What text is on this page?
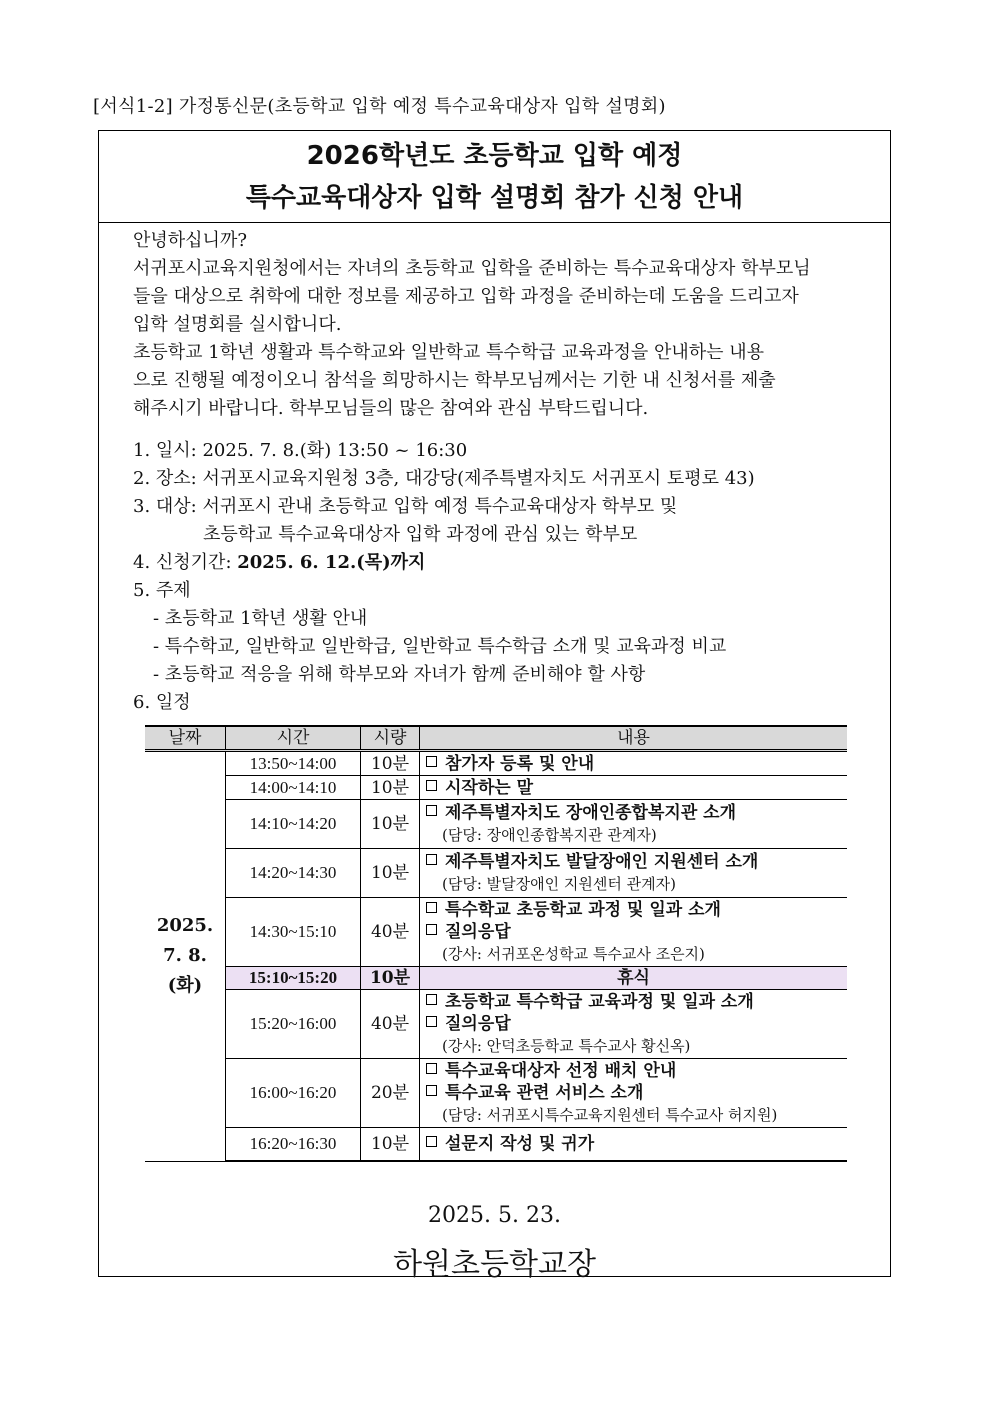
[서식1-2] 가정통신문(초등학교 입학 예정 특수교육대상자 입학 설명회)
2026학년도 초등학교 입학 예정
특수교육대상자 입학 설명회 참가 신청 안내

안녕하십니까?

서귀포시교육지원청에서는 자녀의 초등학교 입학을 준비하는 특수교육대상자 학부모님

들을 대상으로 취학에 대한 정보를 제공하고 입학 과정을 준비하는데 도움을 드리고자

입학 설명회를 실시합니다.

초등학교 1학년 생활과 특수학교와 일반학교 특수학급 교육과정을 안내하는 내용

으로 진행될 예정이오니 참석을 희망하시는 학부모님께서는 기한 내 신청서를 제출

해주시기 바랍니다. 학부모님들의 많은 참여와 관심 부탁드립니다.

1. 일시: 2025. 7. 8.(화) 13:50 ~ 16:30

2. 장소: 서귀포시교육지원청 3층, 대강당(제주특별자치도 서귀포시 토평로 43)

3. 대상: 서귀포시 관내 초등학교 입학 예정 특수교육대상자 학부모 및

초등학교 특수교육대상자 입학 과정에 관심 있는 학부모

4. 신청기간: 2025. 6. 12.(목)까지

5. 주제

- 초등학교 1학년 생활 안내

- 특수학교, 일반학교 일반학급, 일반학교 특수학급 소개 및 교육과정 비교

- 초등학교 적응을 위해 학부모와 자녀가 함께 준비해야 할 사항

6. 일정

날짜	시간	시량	내용

2025.
7. 8.
(화)	13:50~14:00	10분	참가자 등록 및 안내

	14:00~14:10	10분	시작하는 말

	14:10~14:20	10분	제주특별자치도 장애인종합복지관 소개
(담당: 장애인종합복지관 관계자)

	14:20~14:30	10분	제주특별자치도 발달장애인 지원센터 소개
(담당: 발달장애인 지원센터 관계자)

	14:30~15:10	40분	특수학교 초등학교 과정 및 일과 소개
질의응답
(강사: 서귀포온성학교 특수교사 조은지)

	15:10~15:20	10분	휴식
	15:20~16:00	40분	초등학교 특수학급 교육과정 및 일과 소개
질의응답
(강사: 안덕초등학교 특수교사 황신옥)

	16:00~16:20	20분	특수교육대상자 선정 배치 안내
특수교육 관련 서비스 소개
(담당: 서귀포시특수교육지원센터 특수교사 허지원)

	16:20~16:30	10분	설문지 작성 및 귀가
2025. 5. 23.
하원초등학교장
